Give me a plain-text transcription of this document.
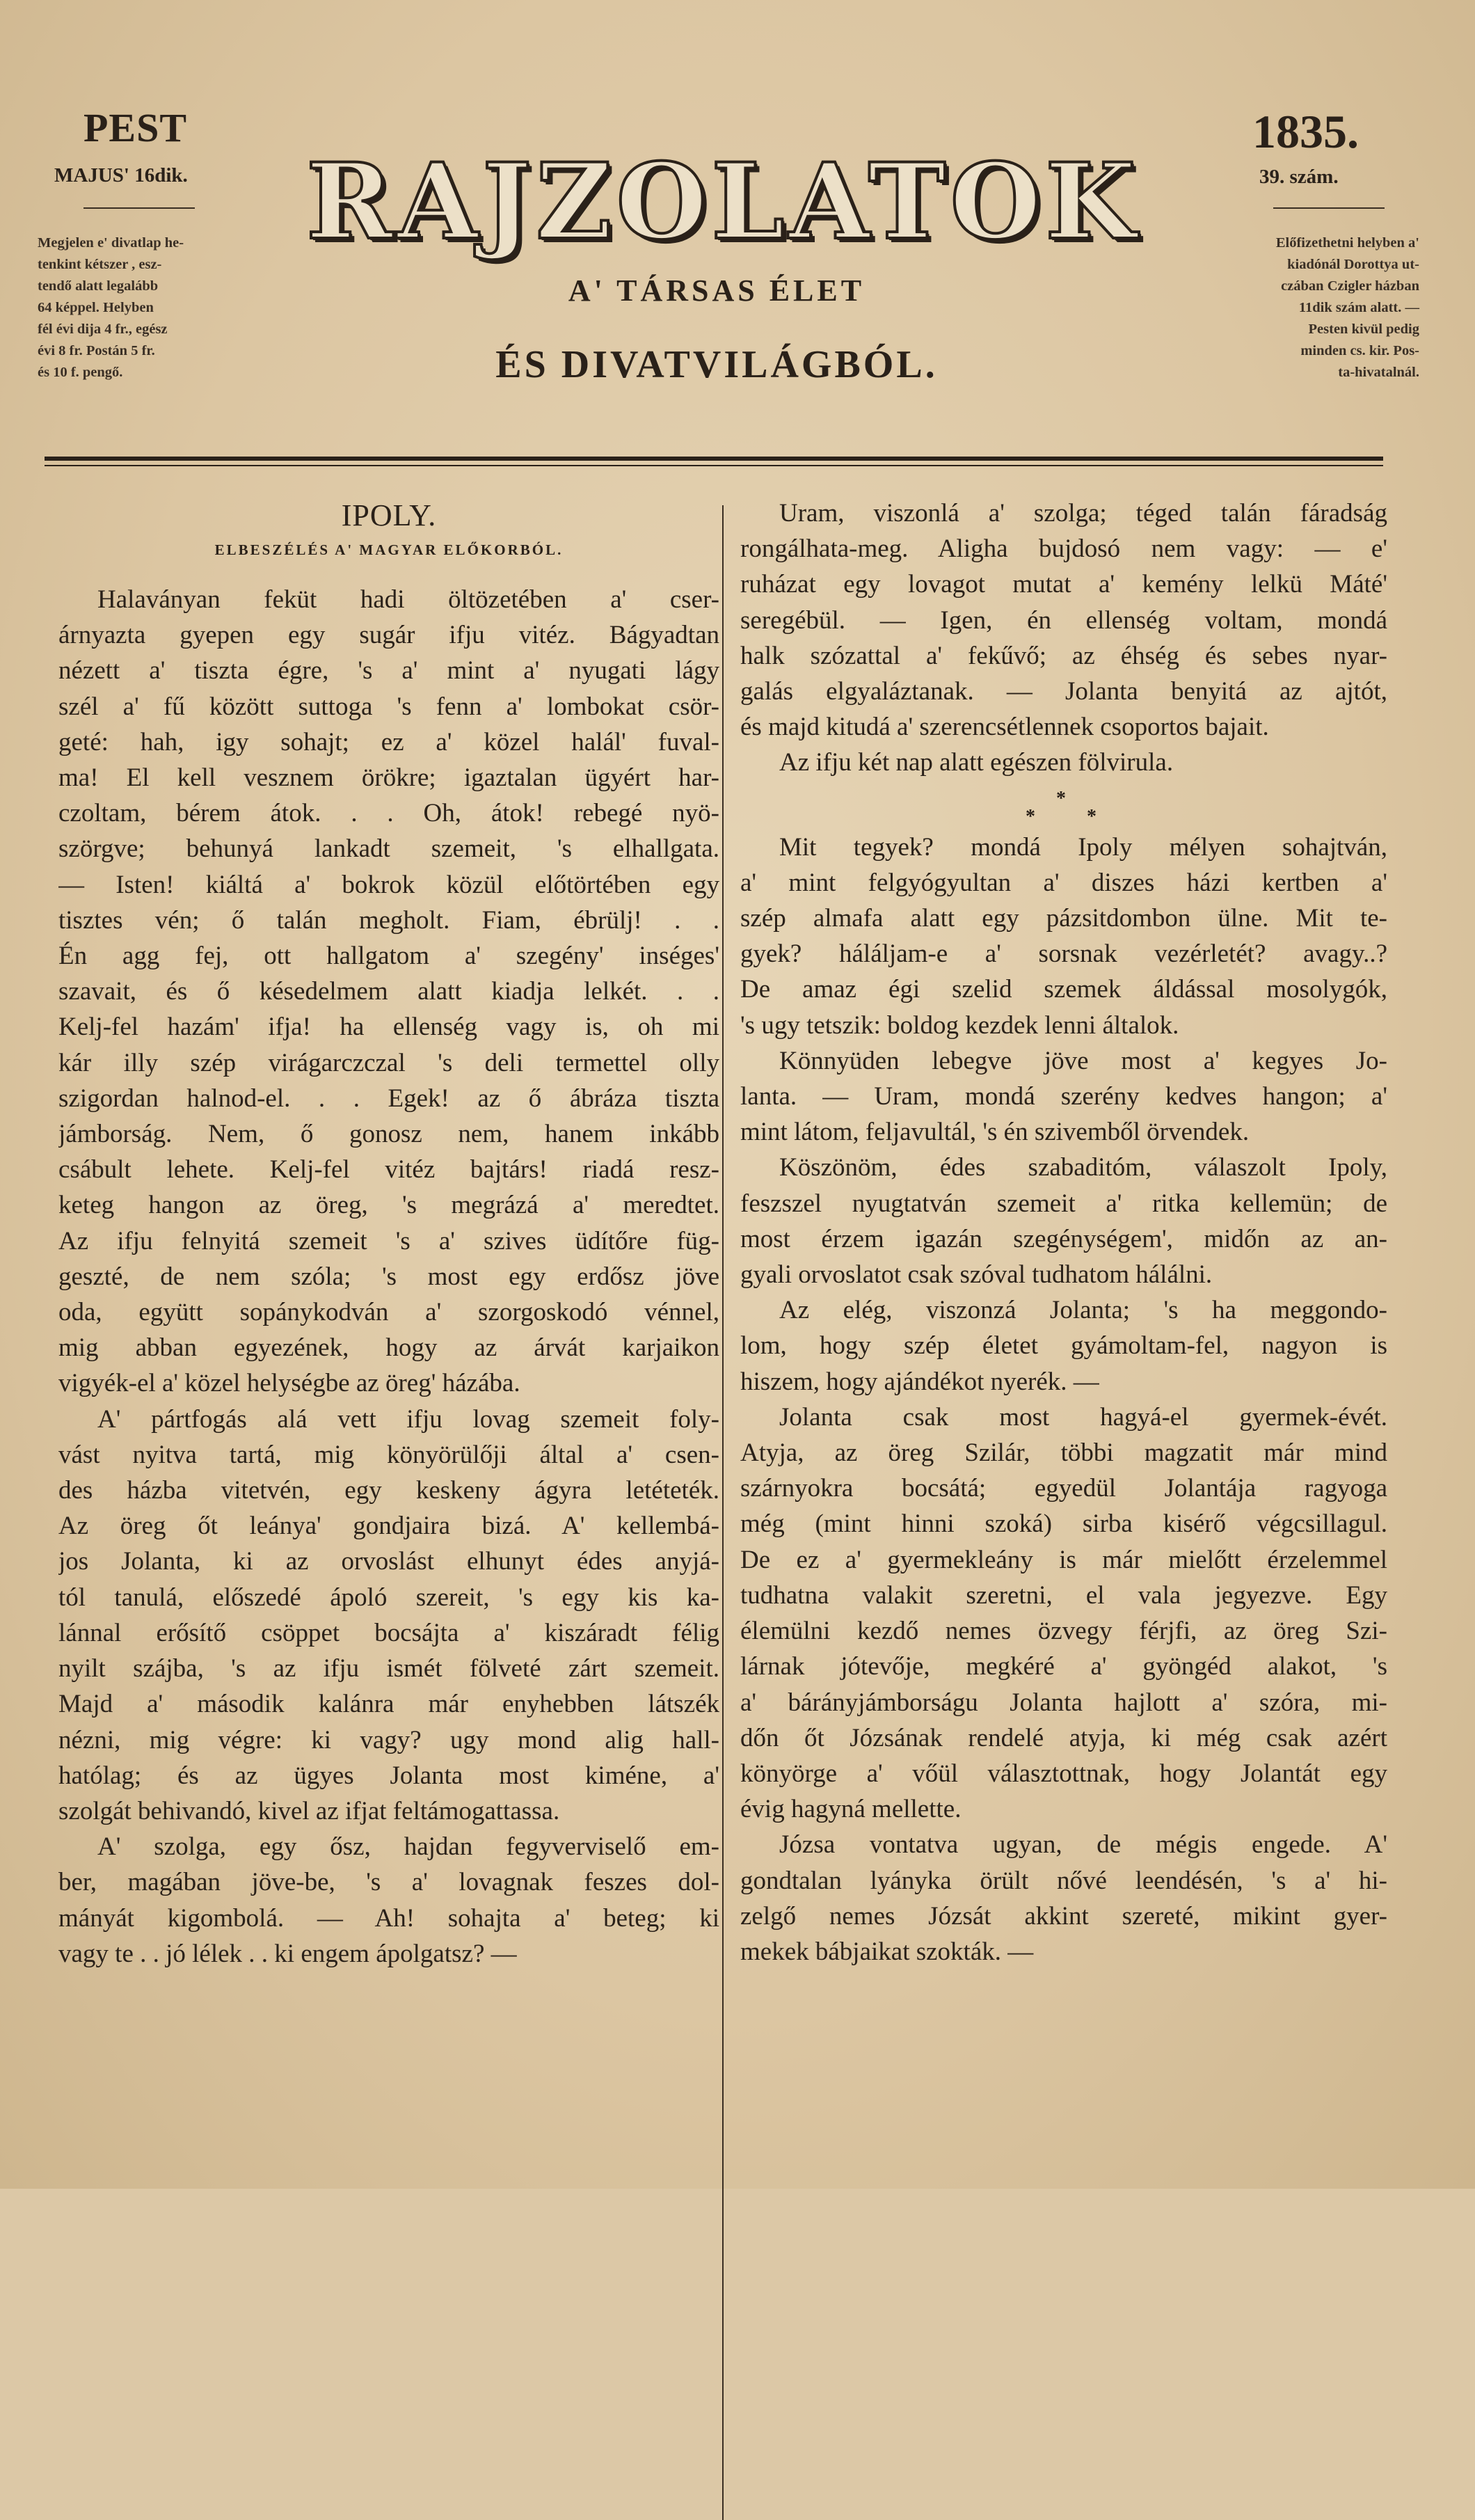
PEST
MAJUS' 16dik.
1835.
39. szám.
Megjelen e' divatlap he-
tenkint kétszer , esz-
tendő alatt legalább
64 képpel. Helyben
fél évi dija 4 fr., egész
évi 8 fr. Postán 5 fr.
és 10 f. pengő.
Előfizethetni helyben a'
kiadónál Dorottya ut-
czában Czigler házban
11dik szám alatt. —
Pesten kivül pedig
minden cs. kir. Pos-
ta-hivatalnál.
RAJZOLATOK
A' TÁRSAS ÉLET
ÉS DIVATVILÁGBÓL.
IPOLY.
ELBESZÉLÉS A' MAGYAR ELŐKORBÓL.

Halaványan feküt hadi öltözetében a' cser-
árnyazta gyepen egy sugár ifju vitéz. Bágyadtan
nézett a' tiszta égre, 's a' mint a' nyugati lágy
szél a' fű között suttoga 's fenn a' lombokat csör-
geté: hah, igy sohajt; ez a' közel halál' fuval-
ma! El kell vesznem örökre; igaztalan ügyért har-
czoltam, bérem átok. . . Oh, átok! rebegé nyö-
szörgve; behunyá lankadt szemeit, 's elhallgata.
— Isten! kiáltá a' bokrok közül előtörtében egy
tisztes vén; ő talán megholt. Fiam, ébrülj! . .
Én agg fej, ott hallgatom a' szegény' inséges'
szavait, és ő késedelmem alatt kiadja lelkét. . .
Kelj-fel hazám' ifja! ha ellenség vagy is, oh mi
kár illy szép virágarczczal 's deli termettel olly
szigordan halnod-el. . . Egek! az ő ábráza tiszta
jámborság. Nem, ő gonosz nem, hanem inkább
csábult lehete. Kelj-fel vitéz bajtárs! riadá resz-
keteg hangon az öreg, 's megrázá a' meredtet.
Az ifju felnyitá szemeit 's a' szives üdítőre füg-
geszté, de nem szóla; 's most egy erdősz jöve
oda, együtt sopánykodván a' szorgoskodó vénnel,
mig abban egyezének, hogy az árvát karjaikon
vigyék-el a' közel helységbe az öreg' házába.

A' pártfogás alá vett ifju lovag szemeit foly-
vást nyitva tartá, mig könyörülőji által a' csen-
des házba vitetvén, egy keskeny ágyra letéteték.
Az öreg őt leánya' gondjaira bizá. A' kellembá-
jos Jolanta, ki az orvoslást elhunyt édes anyjá-
tól tanulá, előszedé ápoló szereit, 's egy kis ka-
lánnal erősítő csöppet bocsájta a' kiszáradt félig
nyilt szájba, 's az ifju ismét fölveté zárt szemeit.
Majd a' második kalánra már enyhebben látszék
nézni, mig végre: ki vagy? ugy mond alig hall-
hatólag; és az ügyes Jolanta most kiméne, a'
szolgát behivandó, kivel az ifjat feltámogattassa.

A' szolga, egy ősz, hajdan fegyverviselő em-
ber, magában jöve-be, 's a' lovagnak feszes dol-
mányát kigombolá. — Ah! sohajta a' beteg; ki
vagy te . . jó lélek . . ki engem ápolgatsz? —

Uram, viszonlá a' szolga; téged talán fáradság
rongálhata-meg. Aligha bujdosó nem vagy: — e'
ruházat egy lovagot mutat a' kemény lelkü Máté'
seregébül. — Igen, én ellenség voltam, mondá
halk szózattal a' fekűvő; az éhség és sebes nyar-
galás elgyaláztanak. — Jolanta benyitá az ajtót,
és majd kitudá a' szerencsétlennek csoportos bajait.

Az ifju két nap alatt egészen fölvirula.

*
*	*

Mit tegyek? mondá Ipoly mélyen sohajtván,
a' mint felgyógyultan a' diszes házi kertben a'
szép almafa alatt egy pázsitdombon ülne. Mit te-
gyek? háláljam-e a' sorsnak vezérletét? avagy..?
De amaz égi szelid szemek áldással mosolygók,
's ugy tetszik: boldog kezdek lenni általok.

Könnyüden lebegve jöve most a' kegyes Jo-
lanta. — Uram, mondá szerény kedves hangon; a'
mint látom, feljavultál, 's én szivemből örvendek.

Köszönöm, édes szabaditóm, válaszolt Ipoly,
feszszel nyugtatván szemeit a' ritka kellemün; de
most érzem igazán szegénységem', midőn az an-
gyali orvoslatot csak szóval tudhatom hálálni.

Az elég, viszonzá Jolanta; 's ha meggondo-
lom, hogy szép életet gyámoltam-fel, nagyon is
hiszem, hogy ajándékot nyerék. —

Jolanta csak most hagyá-el gyermek-évét.
Atyja, az öreg Szilár, többi magzatit már mind
szárnyokra bocsátá; egyedül Jolantája ragyoga
még (mint hinni szoká) sirba kisérő végcsillagul.
De ez a' gyermekleány is már mielőtt érzelemmel
tudhatna valakit szeretni, el vala jegyezve. Egy
élemülni kezdő nemes özvegy férjfi, az öreg Szi-
lárnak jótevője, megkéré a' gyöngéd alakot, 's
a' bárányjámborságu Jolanta hajlott a' szóra, mi-
dőn őt Józsának rendelé atyja, ki még csak azért
könyörge a' vőül választottnak, hogy Jolantát egy
évig hagyná mellette.

Józsa vontatva ugyan, de mégis engede. A'
gondtalan lyányka örült nővé leendésén, 's a' hi-
zelgő nemes Józsát akkint szereté, mikint gyer-
mekek bábjaikat szokták. —
